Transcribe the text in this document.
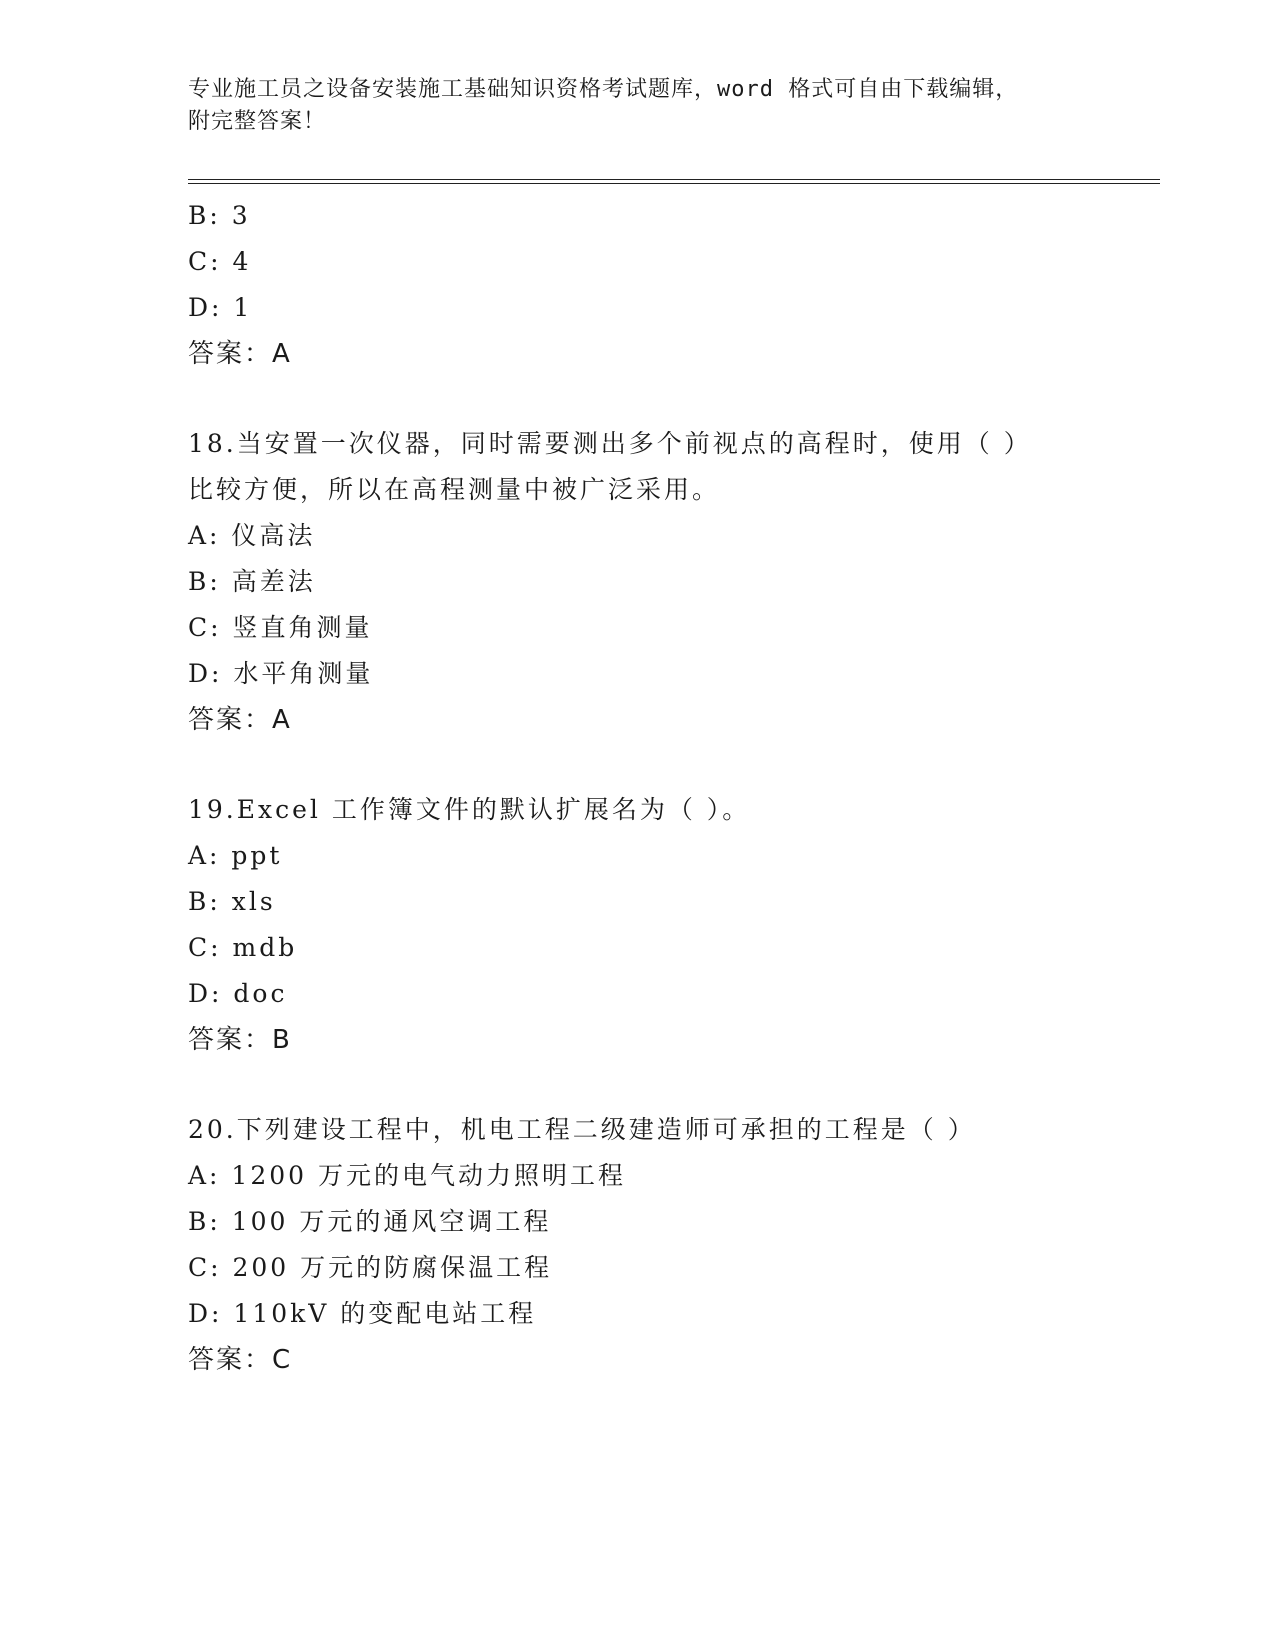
专业施工员之设备安装施工基础知识资格考试题库，word 格式可自由下载编辑，
附完整答案！
B: 3
C: 4
D: 1
答案：A
18.当安置一次仪器，同时需要测出多个前视点的高程时，使用（ ）
比较方便，所以在高程测量中被广泛采用。
A: 仪高法
B: 高差法
C: 竖直角测量
D: 水平角测量
答案：A
19.Excel 工作簿文件的默认扩展名为（ ）。
A: ppt
B: xls
C: mdb
D: doc
答案：B
20.下列建设工程中，机电工程二级建造师可承担的工程是（ ）
A: 1200 万元的电气动力照明工程
B: 100 万元的通风空调工程
C: 200 万元的防腐保温工程
D: 110kV 的变配电站工程
答案：C
